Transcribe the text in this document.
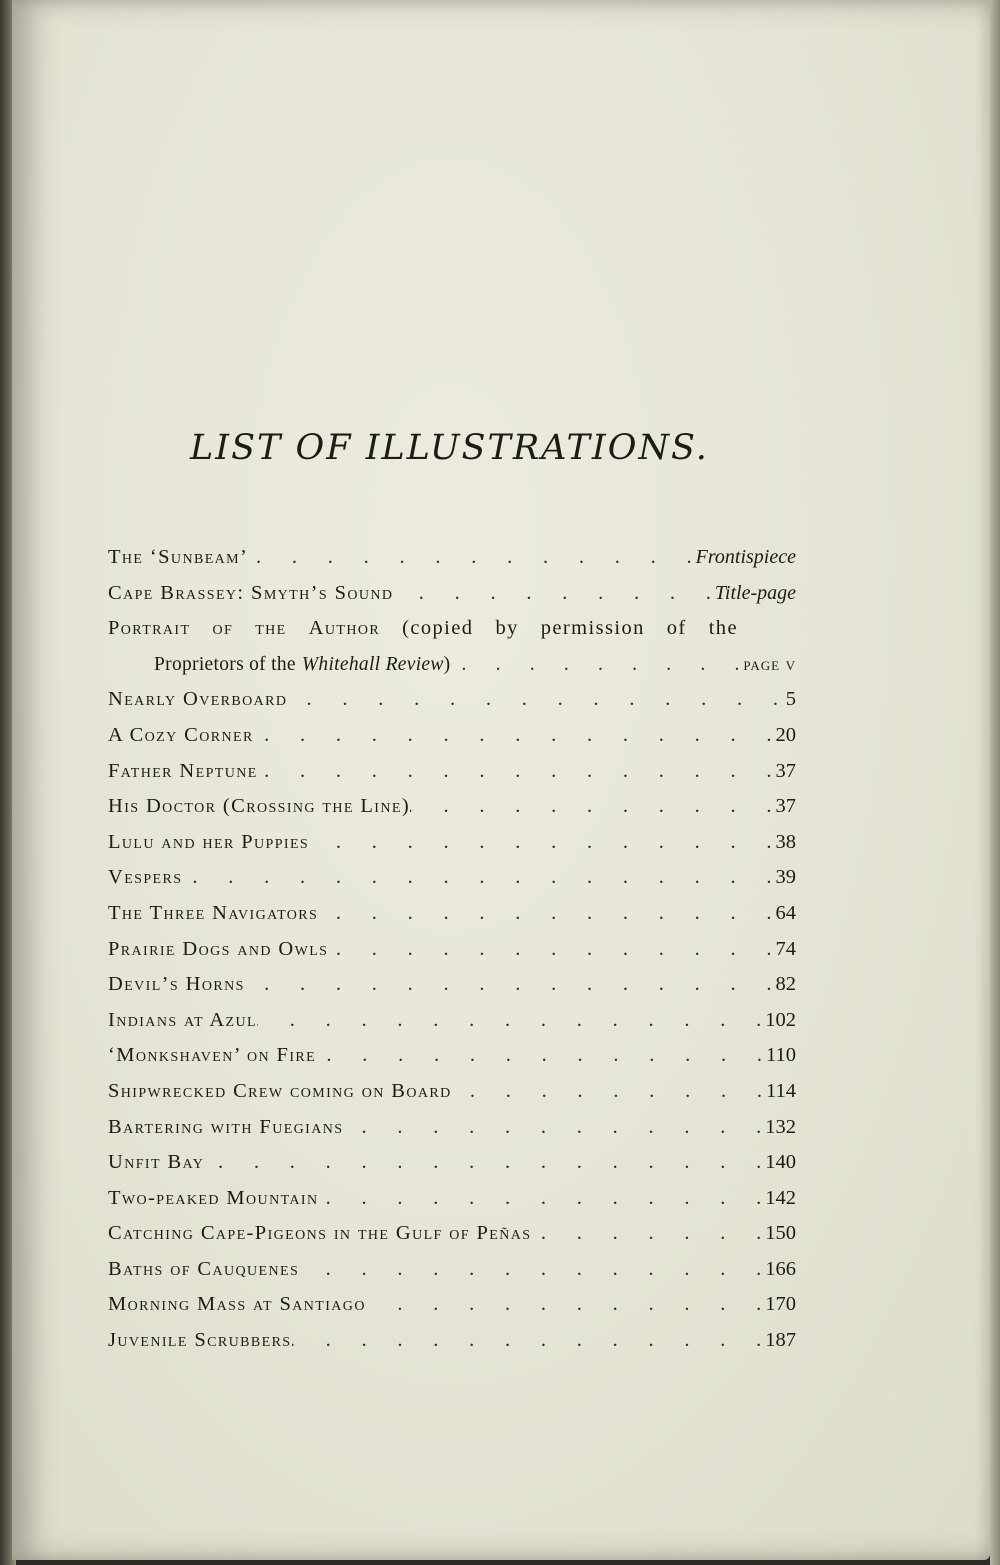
LIST OF ILLUSTRATIONS.
The ‘Sunbeam’ .	Frontispiece
Cape Brassey: Smyth’s Sound .	Title-page
Portrait of the Author (copied by permission of the
Proprietors of the Whitehall Review ) .	page v
Nearly Overboard .	5
A Cozy Corner .	20
Father Neptune .	37
His Doctor (Crossing the Line) .	37
Lulu and her Puppies .	38
Vespers .	39
The Three Navigators .	64
Prairie Dogs and Owls .	74
Devil’s Horns .	82
Indians at Azul .	102
‘Monkshaven’ on Fire .	110
Shipwrecked Crew coming on Board .	114
Bartering with Fuegians .	132
Unfit Bay .	140
Two-peaked Mountain .	142
Catching Cape-Pigeons in the Gulf of Peñas .	150
Baths of Cauquenes .	166
Morning Mass at Santiago .	170
Juvenile Scrubbers .	187
